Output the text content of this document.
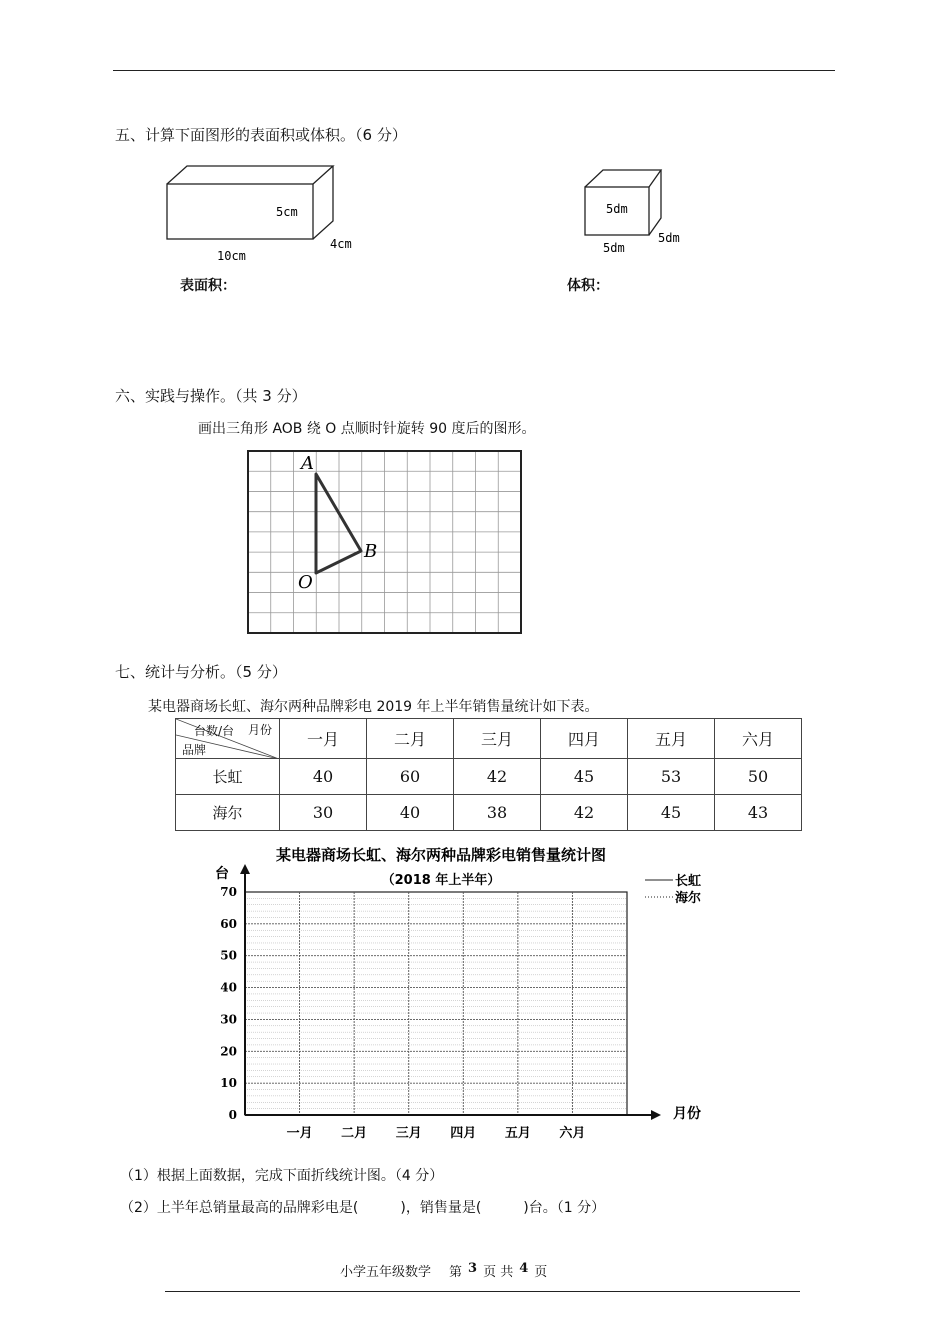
五、计算下面图形的表面积或体积。（6 分）
5cm
4cm
10cm
5dm
5dm
5dm
表面积：	体积：
六、实践与操作。（共 3 分）
画出三角形 AOB 绕 O 点顺时针旋转 90 度后的图形。
A
B
O
七、统计与分析。（5 分）
某电器商场长虹、海尔两种品牌彩电 2019 年上半年销售量统计如下表。
台数/台 月份
品牌	一月	二月	三月	四月	五月	六月
长虹	40	60	42	45	53	50
海尔	30	40	38	42	45	43
某电器商场长虹、海尔两种品牌彩电销售量统计图
（2018 年上半年）
台
月份
长虹
海尔
0
10
20
30
40
50
60
70
一月 二月 三月 四月 五月 六月
（1）根据上面数据，完成下面折线统计图。（4 分）
（2）上半年总销量最高的品牌彩电是(　　　)，销售量是(　　　)台。（1 分）
小学五年级数学 第 3 页 共 4 页
